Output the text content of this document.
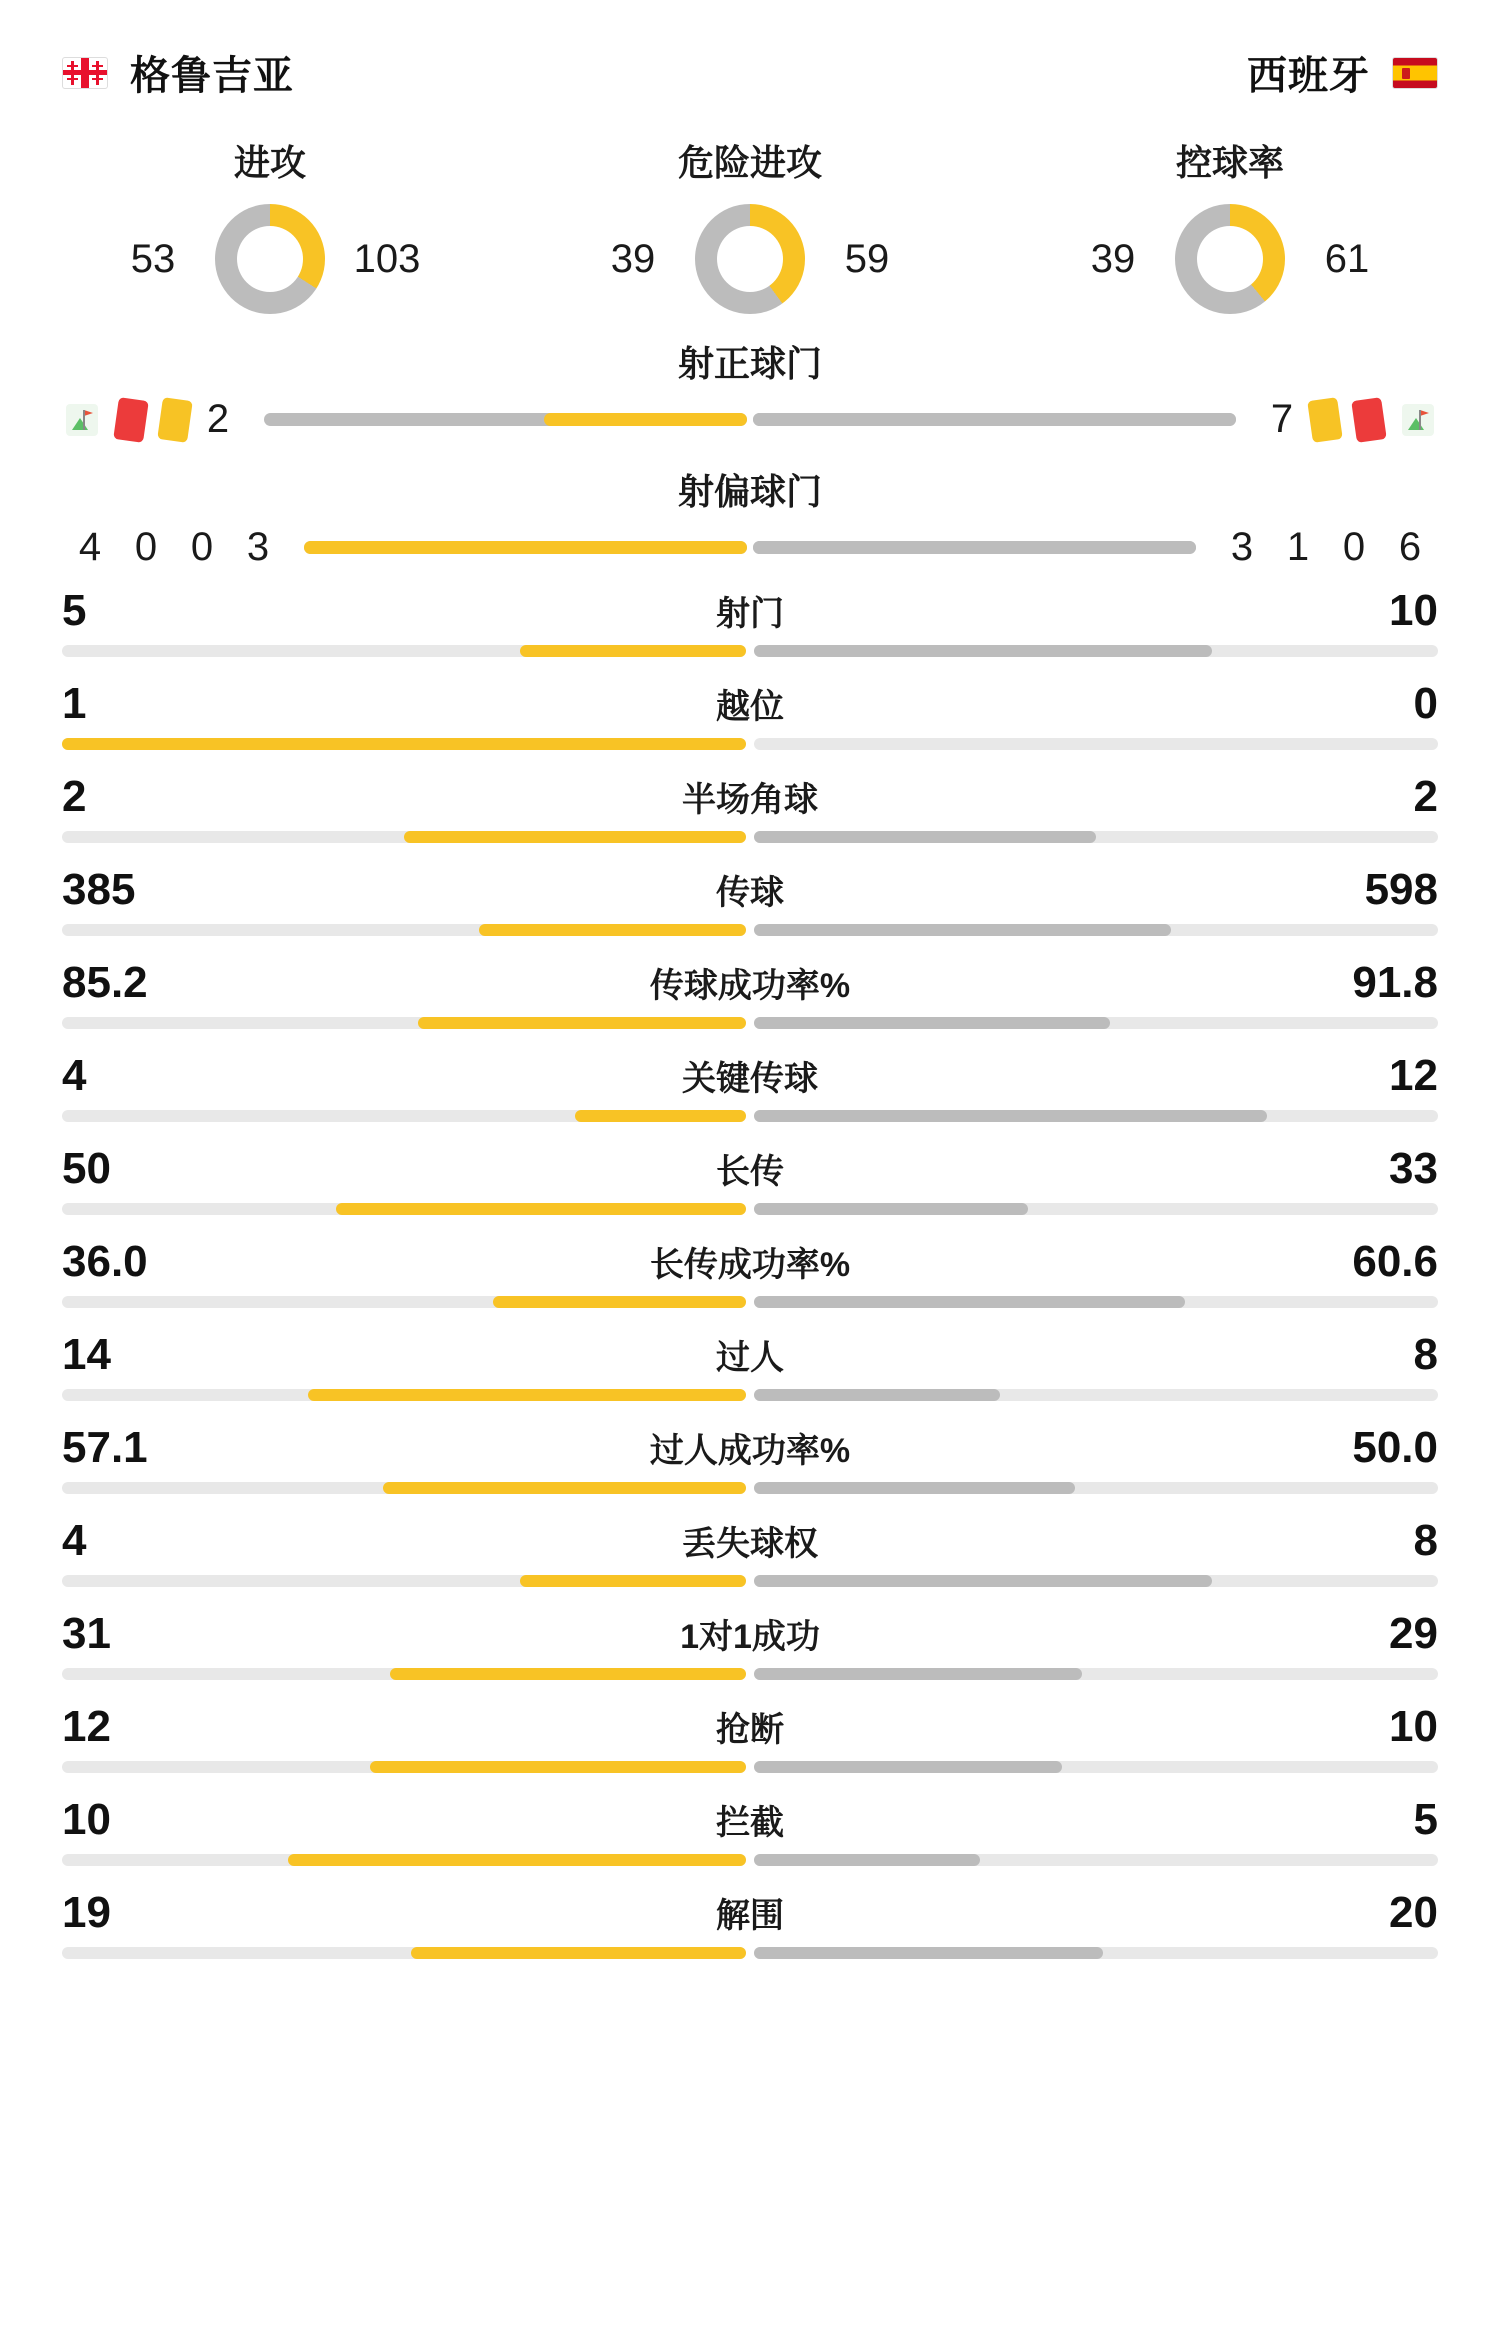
格鲁吉亚	西班牙
进攻
53	103
危险进攻
39	59
控球率
39	61
射正球门
2	7
射偏球门
4 0 0 3	3 1 0 6
5	射门	10
1	越位	0
2	半场角球	2
385	传球	598
85.2	传球成功率%	91.8
4	关键传球	12
50	长传	33
36.0	长传成功率%	60.6
14	过人	8
57.1	过人成功率%	50.0
4	丢失球权	8
31	1对1成功	29
12	抢断	10
10	拦截	5
19	解围	20
